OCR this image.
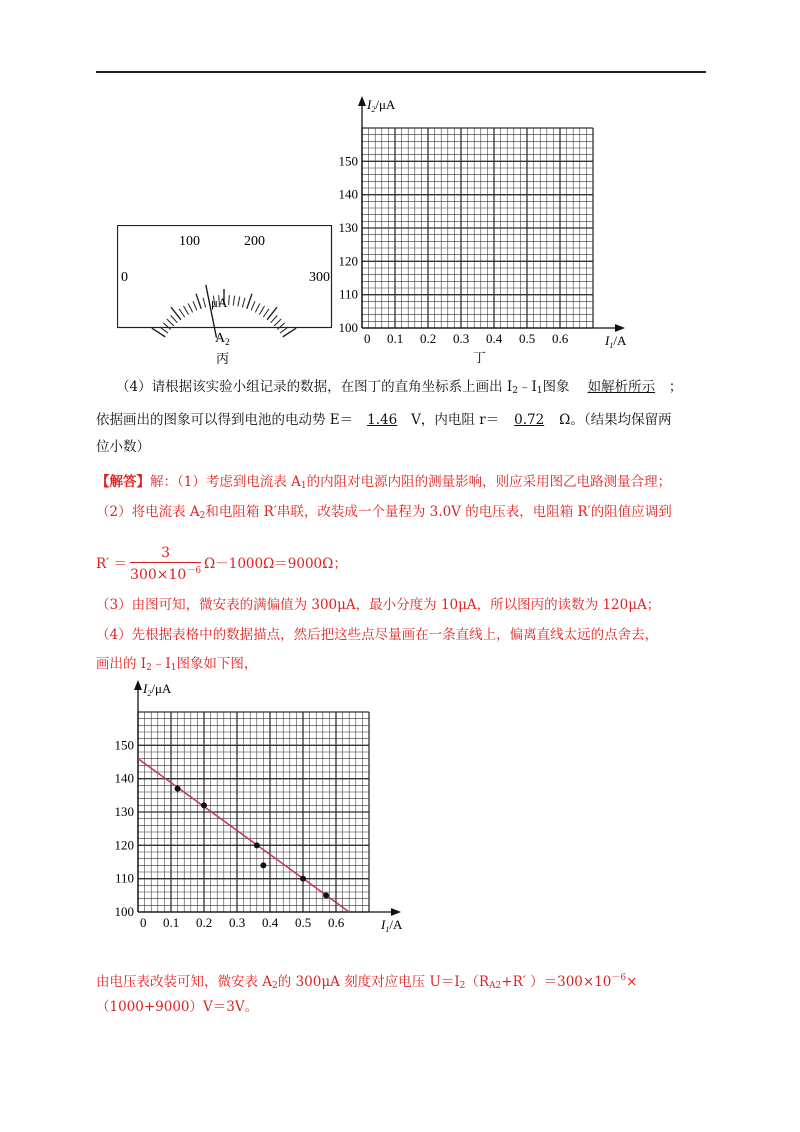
0
100	200
300
μA
$A_2$
丙
100
110
120
130
140
150
0 0.1 0.2 0.3 0.4 0.5 0.6
$I_2/\mu A$
$I_1/A$
丁
（4）请根据该实验小组记录的数据，在图丁的直角坐标系上画出 $I_2﹣I_1$图象 如解析所示 ；
依据画出的图象可以得到电池的电动势 E＝ 1.46 V，内电阻 r＝ 0.72 Ω。（结果均保留两
位小数）
【解答】解：（1）考虑到电流表 $A_1$的内阻对电源内阻的测量影响，则应采用图乙电路测量合理；
（2）将电流表 $A_2$和电阻箱 R′串联，改装成一个量程为 3.0V 的电压表，电阻箱 R′的阻值应调到
$R' = \frac{3}{300\times 10^{-6}} \Omega-1000\Omega=9000\Omega$；
（3）由图可知，微安表的满偏值为 300μA，最小分度为 10μA，所以图丙的读数为 120μA；
（4）先根据表格中的数据描点，然后把这些点尽量画在一条直线上，偏离直线太远的点舍去，
画出的 $I_2﹣I_1$图象如下图，
100
110
120
130
140
150
0 0.1 0.2 0.3 0.4 0.5 0.6
$I_2/\mu A$
$I_1/A$
由电压表改装可知，微安表 $A_2$的 300μA 刻度对应电压 $U=I_2(R_{A2}+R'$ ）$=300\times 10^{-6}\times$
（1000+9000）V＝3V。
